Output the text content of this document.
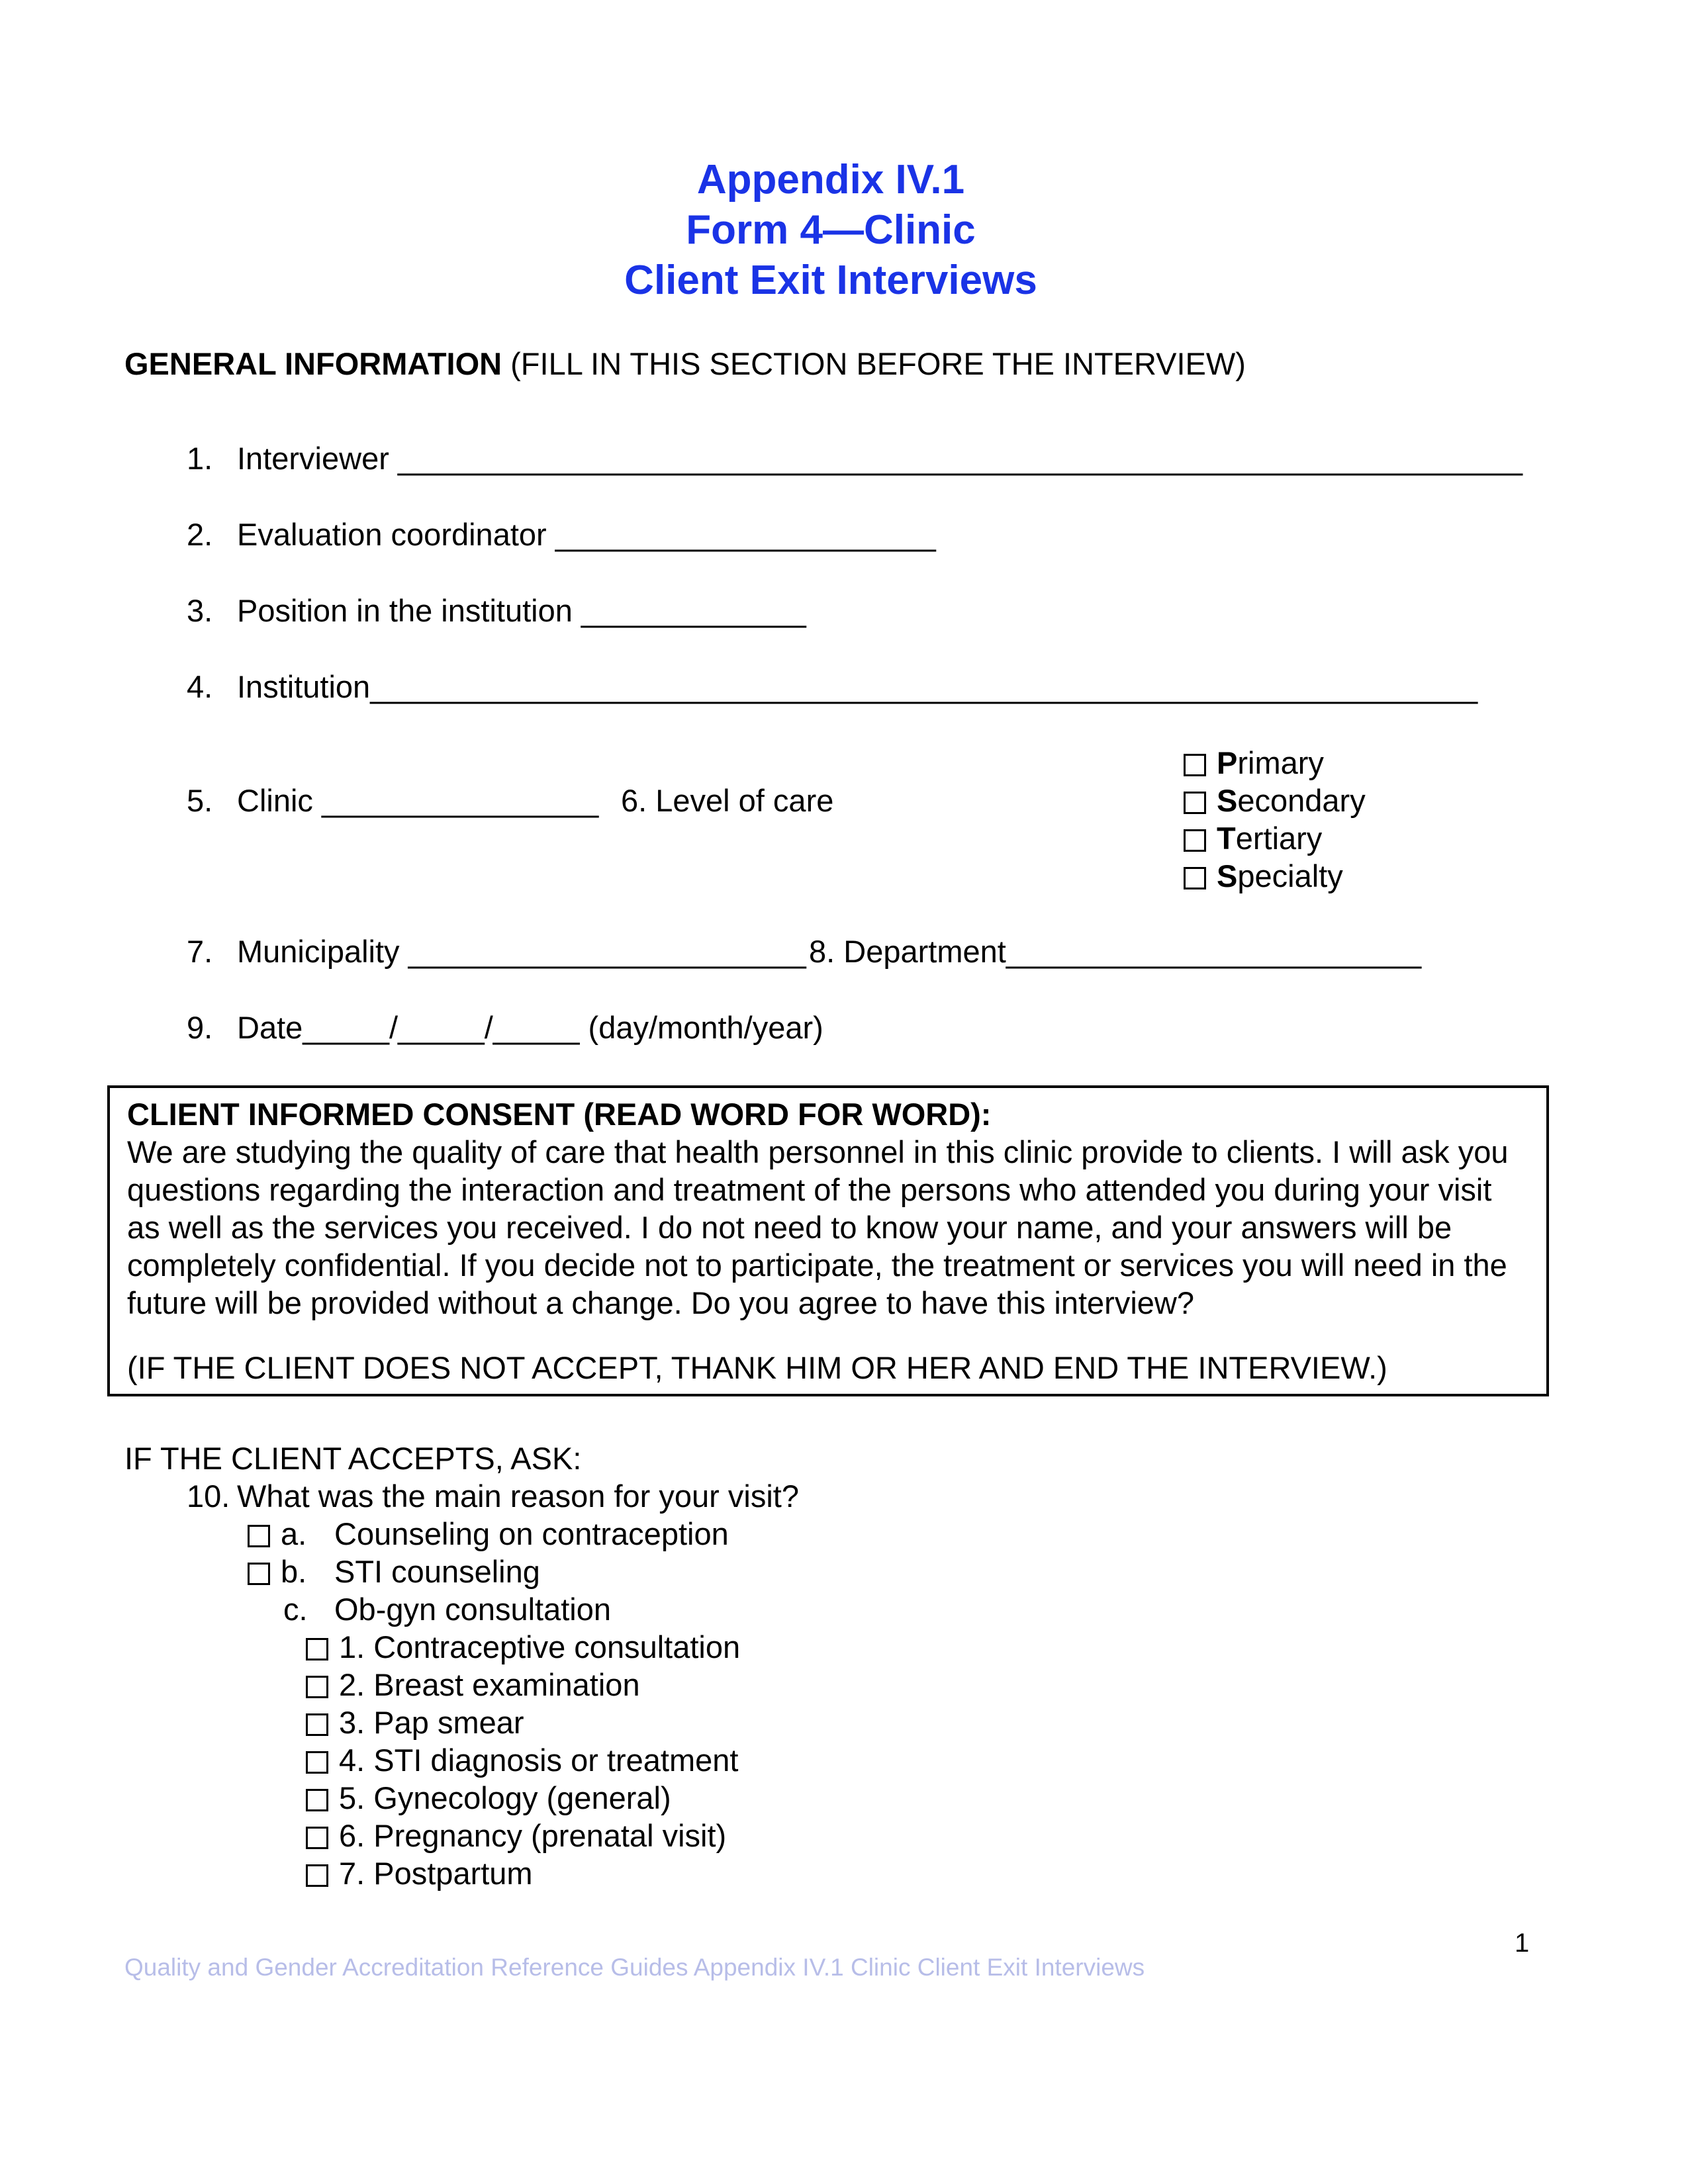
Appendix IV.1
Form 4—Clinic
Client Exit Interviews
GENERAL INFORMATION (FILL IN THIS SECTION BEFORE THE INTERVIEW)
1. Interviewer _________________________________________________________________
2. Evaluation coordinator ______________________
3. Position in the institution _____________
4. Institution________________________________________________________________
5. Clinic ________________ 6. Level of care
Primary
Secondary
Tertiary
Specialty
7. Municipality _______________________ 8. Department________________________
9. Date_____/_____/_____ (day/month/year)
CLIENT INFORMED CONSENT (READ WORD FOR WORD):
We are studying the quality of care that health personnel in this clinic provide to clients. I will ask you questions regarding the interaction and treatment of the persons who attended you during your visit as well as the services you received. I do not need to know your name, and your answers will be completely confidential. If you decide not to participate, the treatment or services you will need in the future will be provided without a change. Do you agree to have this interview?
(IF THE CLIENT DOES NOT ACCEPT, THANK HIM OR HER AND END THE INTERVIEW.)
IF THE CLIENT ACCEPTS, ASK:
10. What was the main reason for your visit?
a. Counseling on contraception
b. STI counseling
c. Ob-gyn consultation
1. Contraceptive consultation
2. Breast examination
3. Pap smear
4. STI diagnosis or treatment
5. Gynecology (general)
6. Pregnancy (prenatal visit)
7. Postpartum
1
Quality and Gender Accreditation Reference Guides Appendix IV.1 Clinic Client Exit Interviews
